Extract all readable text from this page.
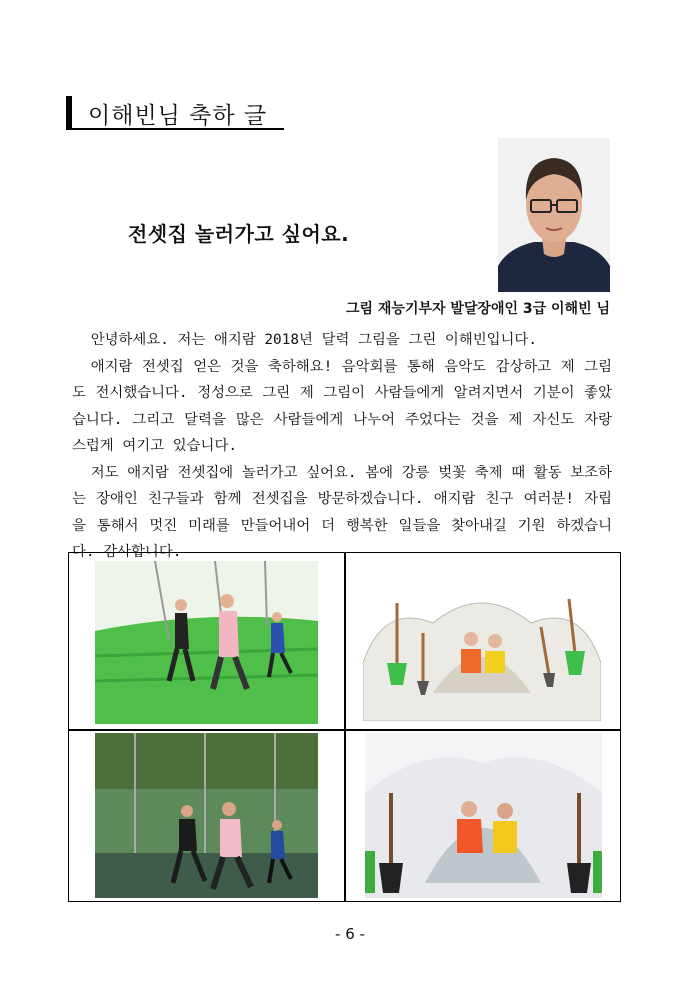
이해빈님 축하 글
전셋집 놀러가고 싶어요.
그림 재능기부자 발달장애인 3급 이해빈 님

안녕하세요. 저는 애지람 2018년 달력 그림을 그린 이해빈입니다.

애지람 전셋집 얻은 것을 축하해요! 음악회를 통해 음악도 감상하고 제 그림도 전시했습니다. 정성으로 그린 제 그림이 사람들에게 알려지면서 기분이 좋았습니다. 그리고 달력을 많은 사람들에게 나누어 주었다는 것을 제 자신도 자랑스럽게 여기고 있습니다.

저도 애지람 전셋집에 놀러가고 싶어요. 봄에 강릉 벚꽃 축제 때 활동 보조하는 장애인 친구들과 함께 전셋집을 방문하겠습니다. 애지람 친구 여러분! 자립을 통해서 멋진 미래를 만들어내어 더 행복한 일들을 찾아내길 기원 하겠습니다. 감사합니다.

- 6 -
